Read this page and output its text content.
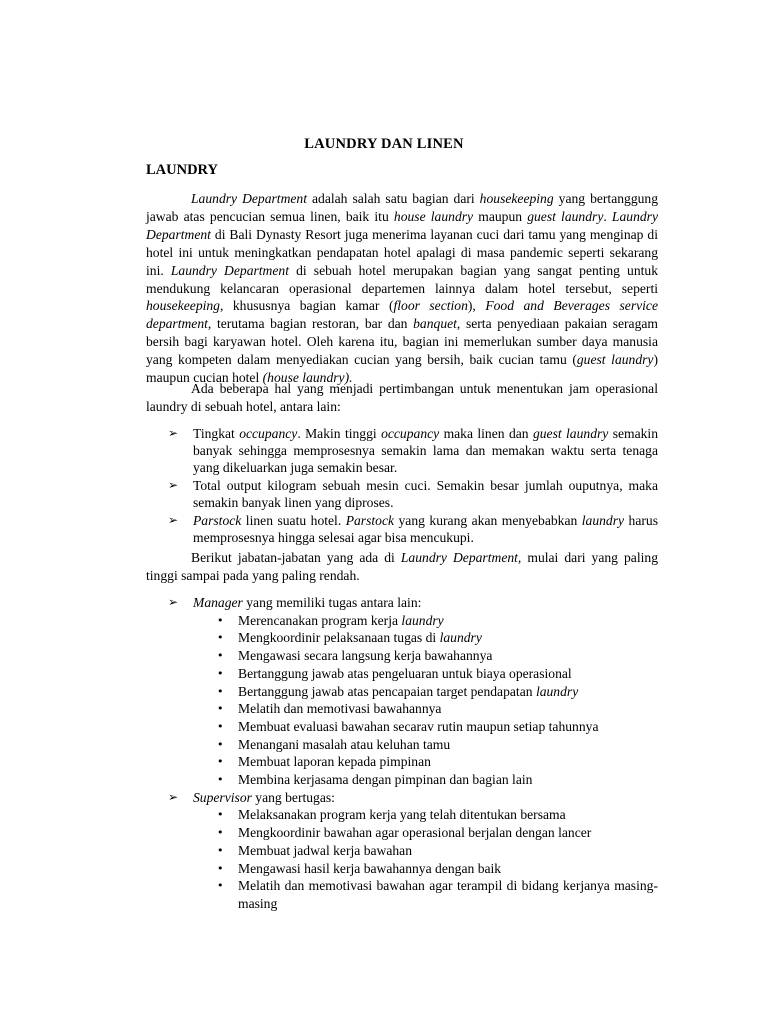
LAUNDRY DAN LINEN
LAUNDRY

Laundry Department adalah salah satu bagian dari housekeeping yang bertanggung jawab atas pencucian semua linen, baik itu house laundry maupun guest laundry. Laundry Department di Bali Dynasty Resort juga menerima layanan cuci dari tamu yang menginap di hotel ini untuk meningkatkan pendapatan hotel apalagi di masa pandemic seperti sekarang ini. Laundry Department di sebuah hotel merupakan bagian yang sangat penting untuk mendukung kelancaran operasional departemen lainnya dalam hotel tersebut, seperti housekeeping, khususnya bagian kamar (floor section), Food and Beverages service department, terutama bagian restoran, bar dan banquet, serta penyediaan pakaian seragam bersih bagi karyawan hotel. Oleh karena itu, bagian ini memerlukan sumber daya manusia yang kompeten dalam menyediakan cucian yang bersih, baik cucian tamu (guest laundry) maupun cucian hotel (house laundry).

Ada beberapa hal yang menjadi pertimbangan untuk menentukan jam operasional laundry di sebuah hotel, antara lain:

➢ Tingkat occupancy. Makin tinggi occupancy maka linen dan guest laundry semakin banyak sehingga memprosesnya semakin lama dan memakan waktu serta tenaga yang dikeluarkan juga semakin besar.
➢ Total output kilogram sebuah mesin cuci. Semakin besar jumlah ouputnya, maka semakin banyak linen yang diproses.
➢ Parstock linen suatu hotel. Parstock yang kurang akan menyebabkan laundry harus memprosesnya hingga selesai agar bisa mencukupi.

Berikut jabatan-jabatan yang ada di Laundry Department, mulai dari yang paling tinggi sampai pada yang paling rendah.

➢ Manager yang memiliki tugas antara lain:
• Merencanakan program kerja laundry
• Mengkoordinir pelaksanaan tugas di laundry
• Mengawasi secara langsung kerja bawahannya
• Bertanggung jawab atas pengeluaran untuk biaya operasional
• Bertanggung jawab atas pencapaian target pendapatan laundry
• Melatih dan memotivasi bawahannya
• Membuat evaluasi bawahan secarav rutin maupun setiap tahunnya
• Menangani masalah atau keluhan tamu
• Membuat laporan kepada pimpinan
• Membina kerjasama dengan pimpinan dan bagian lain
➢ Supervisor yang bertugas:
• Melaksanakan program kerja yang telah ditentukan bersama
• Mengkoordinir bawahan agar operasional berjalan dengan lancer
• Membuat jadwal kerja bawahan
• Mengawasi hasil kerja bawahannya dengan baik
• Melatih dan memotivasi bawahan agar terampil di bidang kerjanya masing-masing
